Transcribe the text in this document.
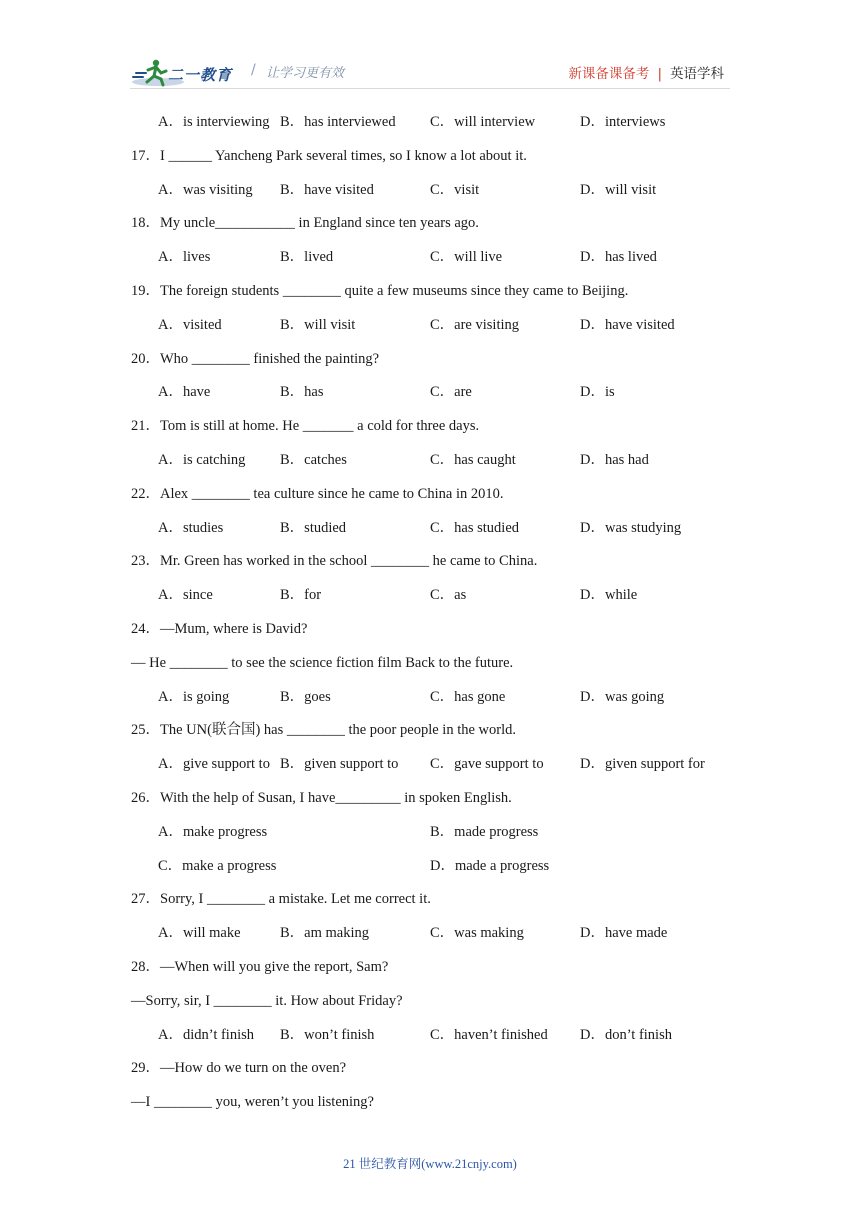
二一教育 / 让学习更有效	新课备课备考 | 英语学科
A．is interviewing B．has interviewed C．will interview	D．interviews
17．I ______ Yancheng Park several times, so I know a lot about it.
A．was visiting B．have visited	C．visit	D．will visit
18．My uncle___________ in England since ten years ago.
A．lives	B．lived	C．will live	D．has lived
19．The foreign students ________ quite a few museums since they came to Beijing.
A．visited	B．will visit	C．are visiting	D．have visited
20．Who ________ finished the painting?
A．have	B．has	C．are	D．is
21．Tom is still at home. He _______ a cold for three days.
A．is catching B．catches	C．has caught	D．has had
22．Alex ________ tea culture since he came to China in 2010.
A．studies	B．studied	C．has studied	D．was studying
23．Mr. Green has worked in the school ________ he came to China.
A．since	B．for	C．as	D．while
24．—Mum, where is David?
— He ________ to see the science fiction film Back to the future.
A．is going	B．goes	C．has gone	D．was going
25．The UN(联合国) has ________ the poor people in the world.
A．give support to B．given support to C．gave support to	D．given support for
26．With the help of Susan, I have_________ in spoken English.
A．make progress	B．made progress
C．make a progress	D．made a progress
27．Sorry, I ________ a mistake. Let me correct it.
A．will make	B．am making	C．was making	D．have made
28．—When will you give the report, Sam?
—Sorry, sir, I ________ it. How about Friday?
A．didn’t finish B．won’t finish	C．haven’t finished D．don’t finish
29．—How do we turn on the oven?
—I ________ you, weren’t you listening?
21 世纪教育网(www.21cnjy.com)
